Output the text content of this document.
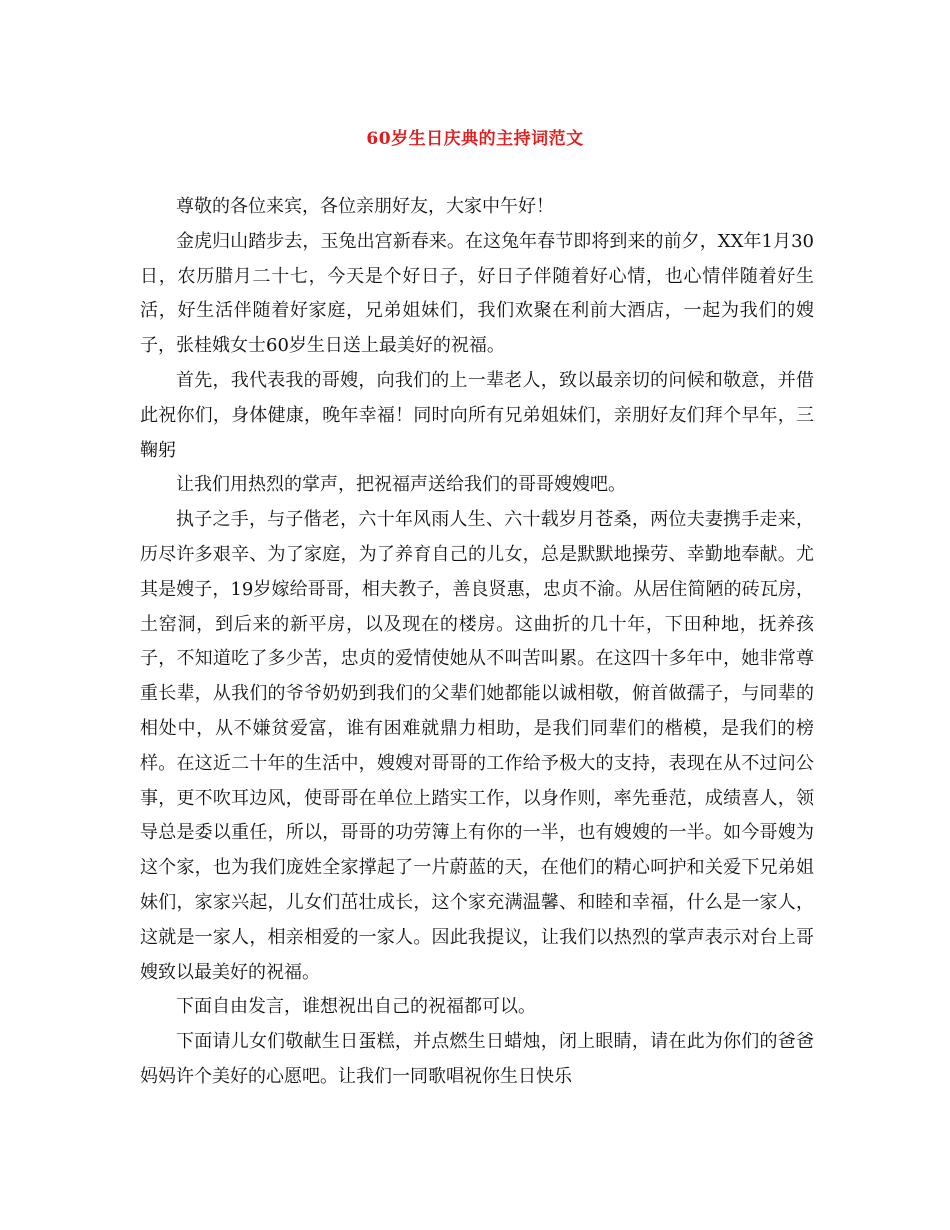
60岁生日庆典的主持词范文

尊敬的各位来宾，各位亲朋好友，大家中午好！

金虎归山踏步去，玉兔出宫新春来。在这兔年春节即将到来的前夕，XX年1月30日，农历腊月二十七，今天是个好日子，好日子伴随着好心情，也心情伴随着好生活，好生活伴随着好家庭，兄弟姐妹们，我们欢聚在利前大酒店，一起为我们的嫂子，张桂娥女士60岁生日送上最美好的祝福。

首先，我代表我的哥嫂，向我们的上一辈老人，致以最亲切的问候和敬意，并借此祝你们，身体健康，晚年幸福！同时向所有兄弟姐妹们，亲朋好友们拜个早年，三鞠躬

让我们用热烈的掌声，把祝福声送给我们的哥哥嫂嫂吧。

执子之手，与子偕老，六十年风雨人生、六十载岁月苍桑，两位夫妻携手走来，历尽许多艰辛、为了家庭，为了养育自己的儿女，总是默默地操劳、幸勤地奉献。尤其是嫂子，19岁嫁给哥哥，相夫教子，善良贤惠，忠贞不渝。从居住简陋的砖瓦房，土窑洞，到后来的新平房，以及现在的楼房。这曲折的几十年，下田种地，抚养孩子，不知道吃了多少苦，忠贞的爱情使她从不叫苦叫累。在这四十多年中，她非常尊重长辈，从我们的爷爷奶奶到我们的父辈们她都能以诚相敬，俯首做孺子，与同辈的相处中，从不嫌贫爱富，谁有困难就鼎力相助，是我们同辈们的楷模，是我们的榜样。在这近二十年的生活中，嫂嫂对哥哥的工作给予极大的支持，表现在从不过问公事，更不吹耳边风，使哥哥在单位上踏实工作，以身作则，率先垂范，成绩喜人，领导总是委以重任，所以，哥哥的功劳簿上有你的一半，也有嫂嫂的一半。如今哥嫂为这个家，也为我们庞姓全家撑起了一片蔚蓝的天，在他们的精心呵护和关爱下兄弟姐妹们，家家兴起，儿女们茁壮成长，这个家充满温馨、和睦和幸福，什么是一家人，这就是一家人，相亲相爱的一家人。因此我提议，让我们以热烈的掌声表示对台上哥嫂致以最美好的祝福。

下面自由发言，谁想祝出自己的祝福都可以。

下面请儿女们敬献生日蛋糕，并点燃生日蜡烛，闭上眼睛，请在此为你们的爸爸妈妈许个美好的心愿吧。让我们一同歌唱祝你生日快乐
